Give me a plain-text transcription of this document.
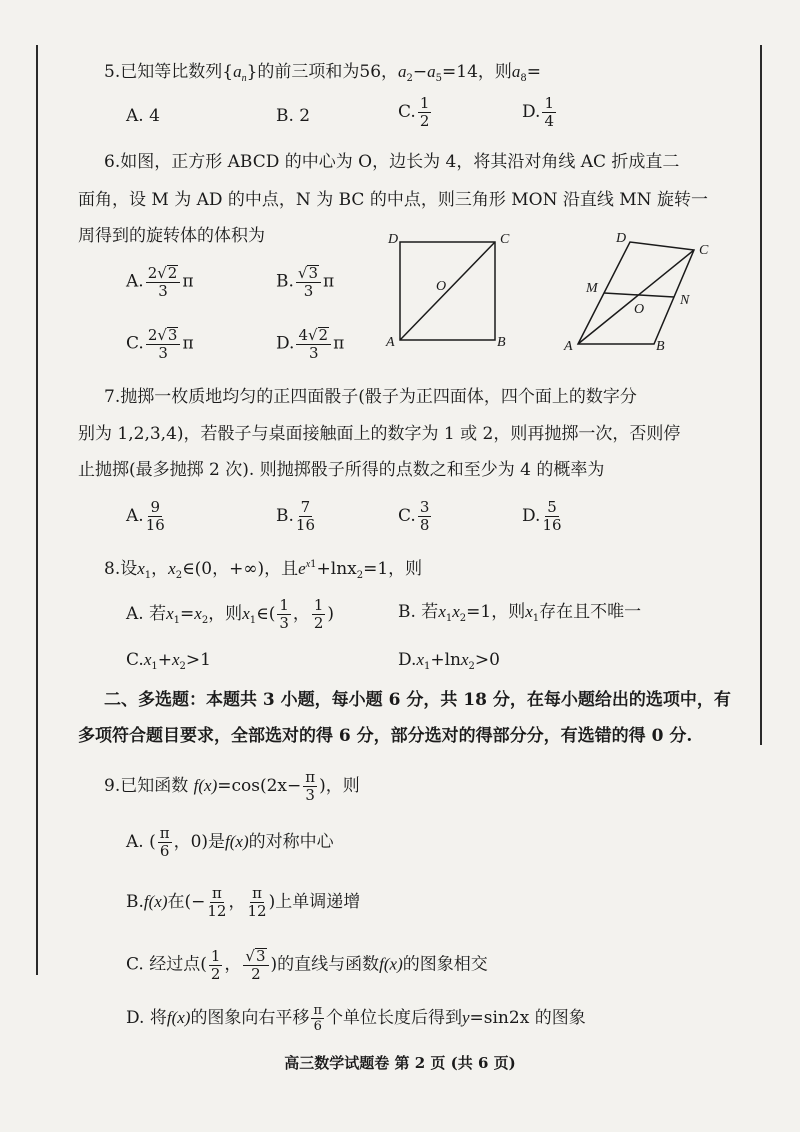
5.已知等比数列$\{a_n\}$的前三项和为56，$a_2-a_5=14$，则$a_8=$
A. 4	B. 2	C. $\frac{1}{2}$	D. $\frac{1}{4}$
6.如图，正方形 ABCD 的中心为 O，边长为 4，将其沿对角线 AC 折成直二
面角，设 M 为 AD 的中点，N 为 BC 的中点，则三角形 MON 沿直线 MN 旋转一
周得到的旋转体的体积为
A. $\frac{2√2}{3}$ π	B. $\frac{√3}{3}$ π
C. $\frac{2√3}{3}$ π	D. $\frac{4√2}{3}$ π
D	C
O
A	B
D
C
M
N
O
A	B
7.抛掷一枚质地均匀的正四面骰子(骰子为正四面体，四个面上的数字分
别为 1,2,3,4)，若骰子与桌面接触面上的数字为 1 或 2，则再抛掷一次，否则停
止抛掷(最多抛掷 2 次). 则抛掷骰子所得的点数之和至少为 4 的概率为
A. $\frac{9}{16}$	B. $\frac{7}{16}$	C. $\frac{3}{8}$	D. $\frac{5}{16}$
8.设$x_1$，$x_2\in(0$，+∞)，且$e^{x1}+\ln x_2=1$，则
A. 若$x_1=x_2$，则$x_1\in( \frac{1}{3}$ ， $\frac{1}{2}$ )	B. 若$x_1x_2=1$，则$x_1$存在且不唯一
$C.x_1+x_2>1$	$D.x_1+\ln x_2>0$
二、多选题：本题共 3 小题，每小题 6 分，共 18 分，在每小题给出的选项中，有
多项符合题目要求，全部选对的得 6 分，部分选对的得部分分，有选错的得 0 分.
9.已知函数 $f(x)=\cos(2x- \frac{\pi}{3}$ )，则
A. ( $\frac{\pi}{6}$ ，0)是f(x)的对称中心
B.f(x)在(− $\frac{\pi}{12}$ ， $\frac{\pi}{12}$ )上单调递增
C. 经过点( $\frac{1}{2}$ ， $\frac{√3}{2}$ )的直线与函数f(x)的图象相交
D. 将f(x)的图象向右平移 $\frac{\pi}{6}$ 个单位长度后得到y=sin2x 的图象
高三数学试题卷 第 2 页 (共 6 页)
